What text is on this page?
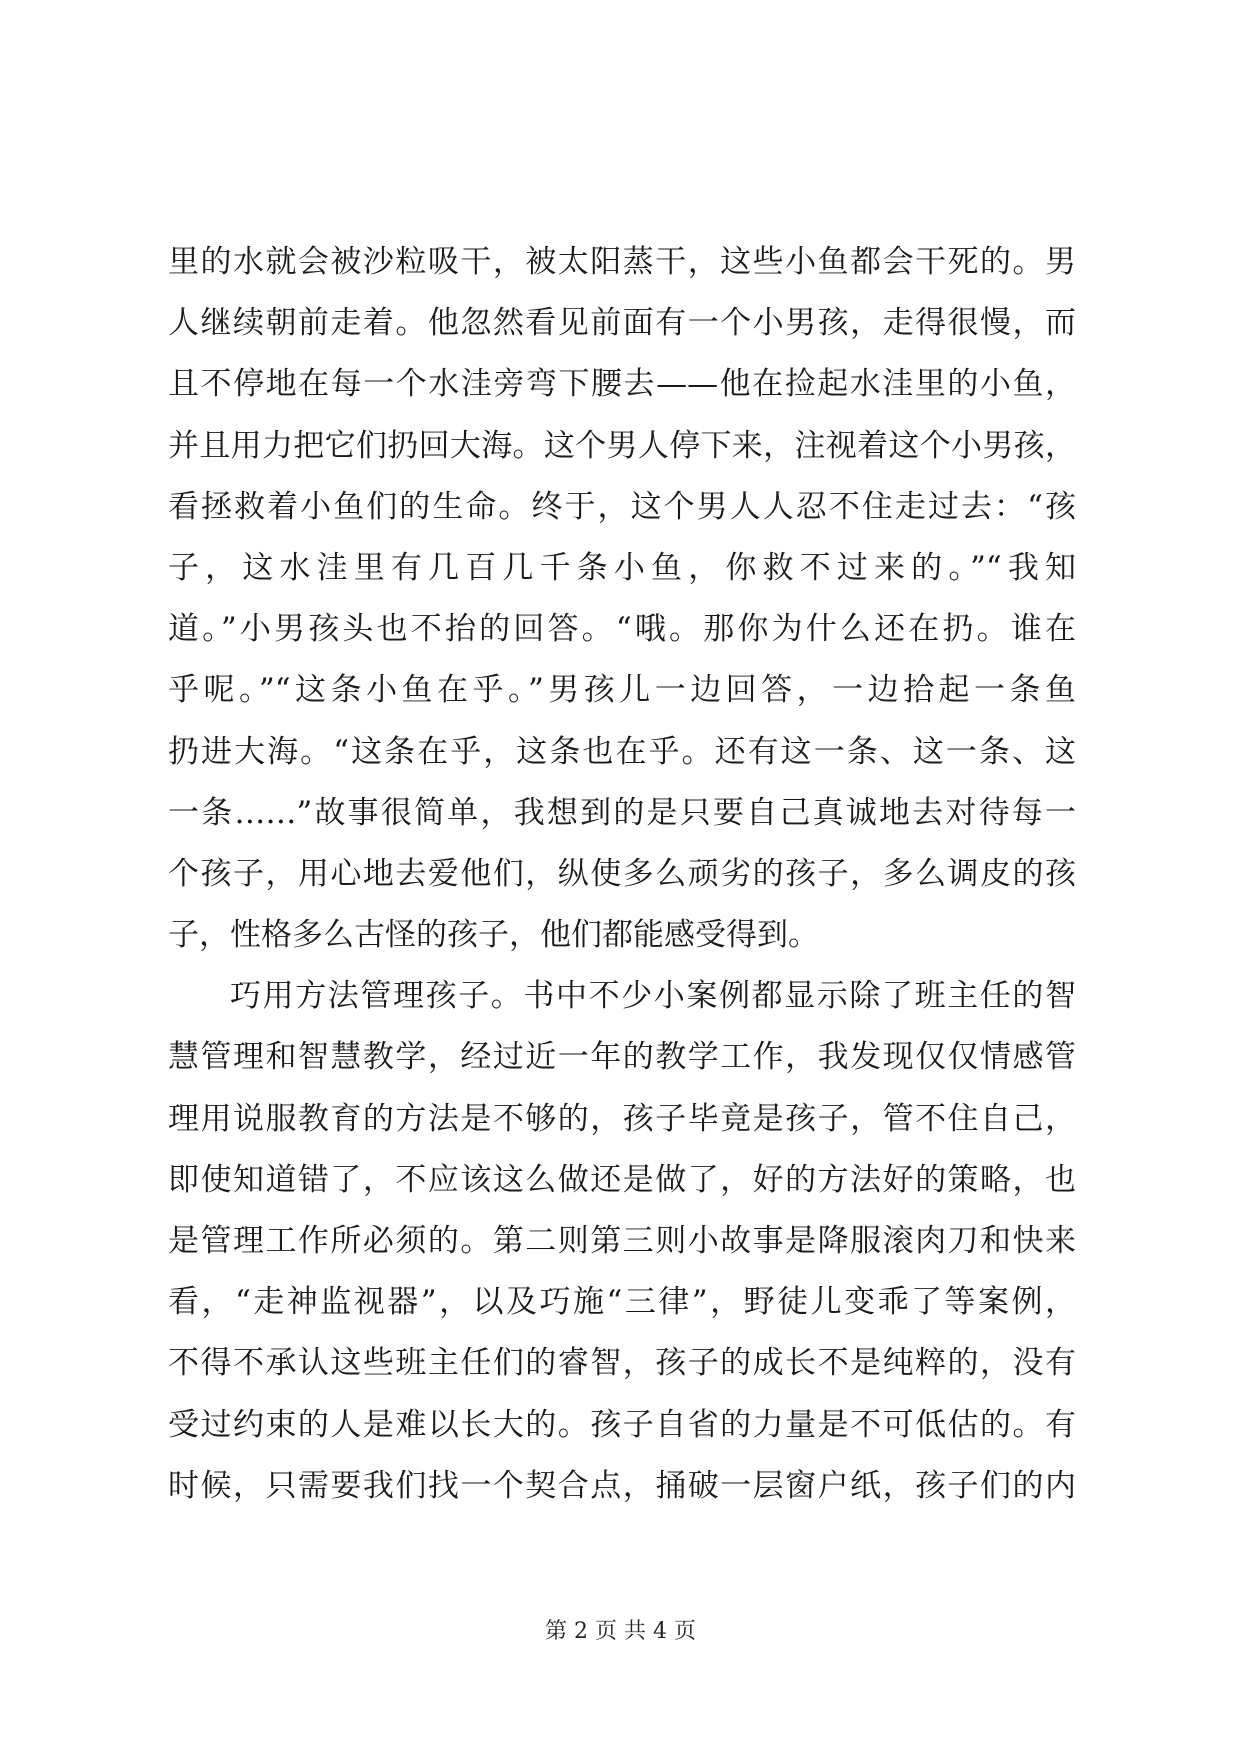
里的水就会被沙粒吸干，被太阳蒸干，这些小鱼都会干死的。男
人继续朝前走着。他忽然看见前面有一个小男孩，走得很慢，而
且不停地在每一个水洼旁弯下腰去——他在捡起水洼里的小鱼，
并且用力把它们扔回大海。这个男人停下来，注视着这个小男孩，
看拯救着小鱼们的生命。终于，这个男人人忍不住走过去：“孩
子，这水洼里有几百几千条小鱼，你救不过来的。”“我知
道。”小男孩头也不抬的回答。“哦。那你为什么还在扔。谁在
乎呢。”“这条小鱼在乎。”男孩儿一边回答，一边拾起一条鱼
扔进大海。“这条在乎，这条也在乎。还有这一条、这一条、这
一条……”故事很简单，我想到的是只要自己真诚地去对待每一
个孩子，用心地去爱他们，纵使多么顽劣的孩子，多么调皮的孩
子，性格多么古怪的孩子，他们都能感受得到。
巧用方法管理孩子。书中不少小案例都显示除了班主任的智
慧管理和智慧教学，经过近一年的教学工作，我发现仅仅情感管
理用说服教育的方法是不够的，孩子毕竟是孩子，管不住自己，
即使知道错了，不应该这么做还是做了，好的方法好的策略，也
是管理工作所必须的。第二则第三则小故事是降服滚肉刀和快来
看，“走神监视器”，以及巧施“三律”，野徒儿变乖了等案例，
不得不承认这些班主任们的睿智，孩子的成长不是纯粹的，没有
受过约束的人是难以长大的。孩子自省的力量是不可低估的。有
时候，只需要我们找一个契合点，捅破一层窗户纸，孩子们的内
第 2 页 共 4 页
